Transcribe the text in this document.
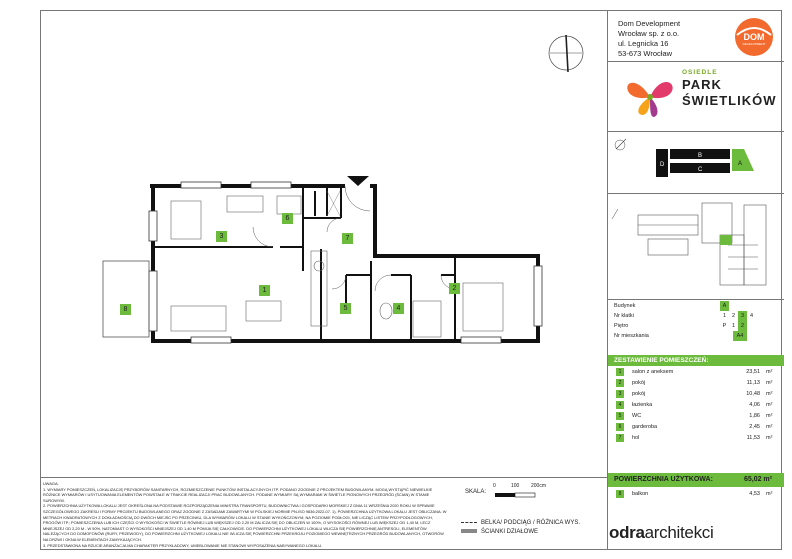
1	2
3
4
5
6
7
8
Dom Development
Wrocław sp. z o.o.
ul. Legnicka 16
53-673 Wrocław
DOM
DEVELOPMENT
OSIEDLE
PARK
ŚWIETLIKÓW
D
B
C
A
Budynek	A
Nr klatki	1	2	3	4
Piętro	P	1	2
Nr mieszkania	A4
ZESTAWIENIE POMIESZCZEŃ:
1	salon z aneksem	23,51 m²
2	pokój	11,13 m²
3	pokój	10,48 m²
4	łazienka	4,06 m²
5	WC	1,86 m²
6	garderoba	2,45 m²
7	hol	11,53 m²
POWIERZCHNIA UŻYTKOWA:	65,02 m²
8	balkon	4,53 m²

UWAGA:

1. WYMIARY POMIESZCZEŃ, LOKALIZACJĘ PRZYBORÓW SANITARNYCH, ROZMIESZCZENIE PUNKTÓW INSTALACYJNYCH ITP. PODANO ZGODNIE Z PROJEKTEM BUDOWLANYM. MOGĄ WYSTĄPIĆ NIEWIELKIE RÓŻNICE WYMIARÓW I USYTUOWANIA ELEMENTÓW POWSTAŁE W TRAKCIE REALIZACJI PRAC BUDOWLANYCH. PODANE WYMIARY SĄ WYMIARAMI W ŚWIETLE PIONOWYCH PRZEGRÓD (ŚCIAN) W STANIE SUROWYM.

2. POWIERZCHNIA UŻYTKOWA LOKALU JEST OKREŚLONA NA PODSTAWIE ROZPORZĄDZENIA MINISTRA TRANSPORTU, BUDOWNICTWA I GOSPODARKI MORSKIEJ Z DNIA 11 WRZEŚNIA 2020 ROKU W SPRAWIE SZCZEGÓŁOWEGO ZAKRESU I FORMY PROJEKTU BUDOWLANEGO ORAZ ZGODNIE Z ZASADAMI ZAWARTYMI W POLSKIEJ NORMIE PN-ISO 9836:2022-07. 1). POWIERZCHNIA UŻYTKOWA LOKALU JEST OBLICZANA: W METRACH KWADRATOWYCH Z DOKŁADNOŚCIĄ DO DWÓCH MIEJSC PO PRZECINKU, DLA WYMIARÓW LOKALU W STANIE WYKOŃCZONYM, NA POZIOMIE PODŁOGI, NIE LICZĄC LISTEW PRZYPODŁOGOWYCH, PROGÓW ITP.; POMIESZCZENIA LUB ICH CZĘŚCI O WYSOKOŚCI W ŚWIETLE RÓWNEJ LUB WIĘKSZEJ OD 2,20 M ZALICZA SIĘ DO OBLICZEŃ W 100%, O WYSOKOŚCI RÓWNEJ LUB WIĘKSZEJ OD 1,40 M, LECZ MNIEJSZEJ OD 2,20 M - W 50%, NATOMIAST O WYSOKOŚCI MNIEJSZEJ OD 1,40 M POMIJA SIĘ CAŁKOWICIE. DO POWIERZCHNI UŻYTKOWEJ LOKALU WLICZA SIĘ POWIERZCHNIĘ ANTRESOLI, ELEMENTÓW NALEŻĄCYCH DO DOMOFONÓW (RURY, PRZEWODY), DO POWIERZCHNI UŻYTKOWEJ LOKALU NIE WLICZA SIĘ POWIERZCHNI PRZEKROJU POZIOMEGO WEWNĘTRZNYCH PRZEGRÓD BUDOWLANYCH, OTWORÓW NA DRZWI I OKNA W ELEMENTACH ZAMYKAJĄCYCH.

3. PRZEDSTAWIONA NA RZUCIE ARANŻACJA MA CHARAKTER PRZYKŁADOWY, UMEBLOWANIE NIE STANOWI WYPOSAŻENIA NABYWANEGO LOKALU.

SKALA:
0	100 200cm
BELKA/ PODCIĄG / RÓŻNICA WYS.
ŚCIANKI DZIAŁOWE	odraarchitekci
